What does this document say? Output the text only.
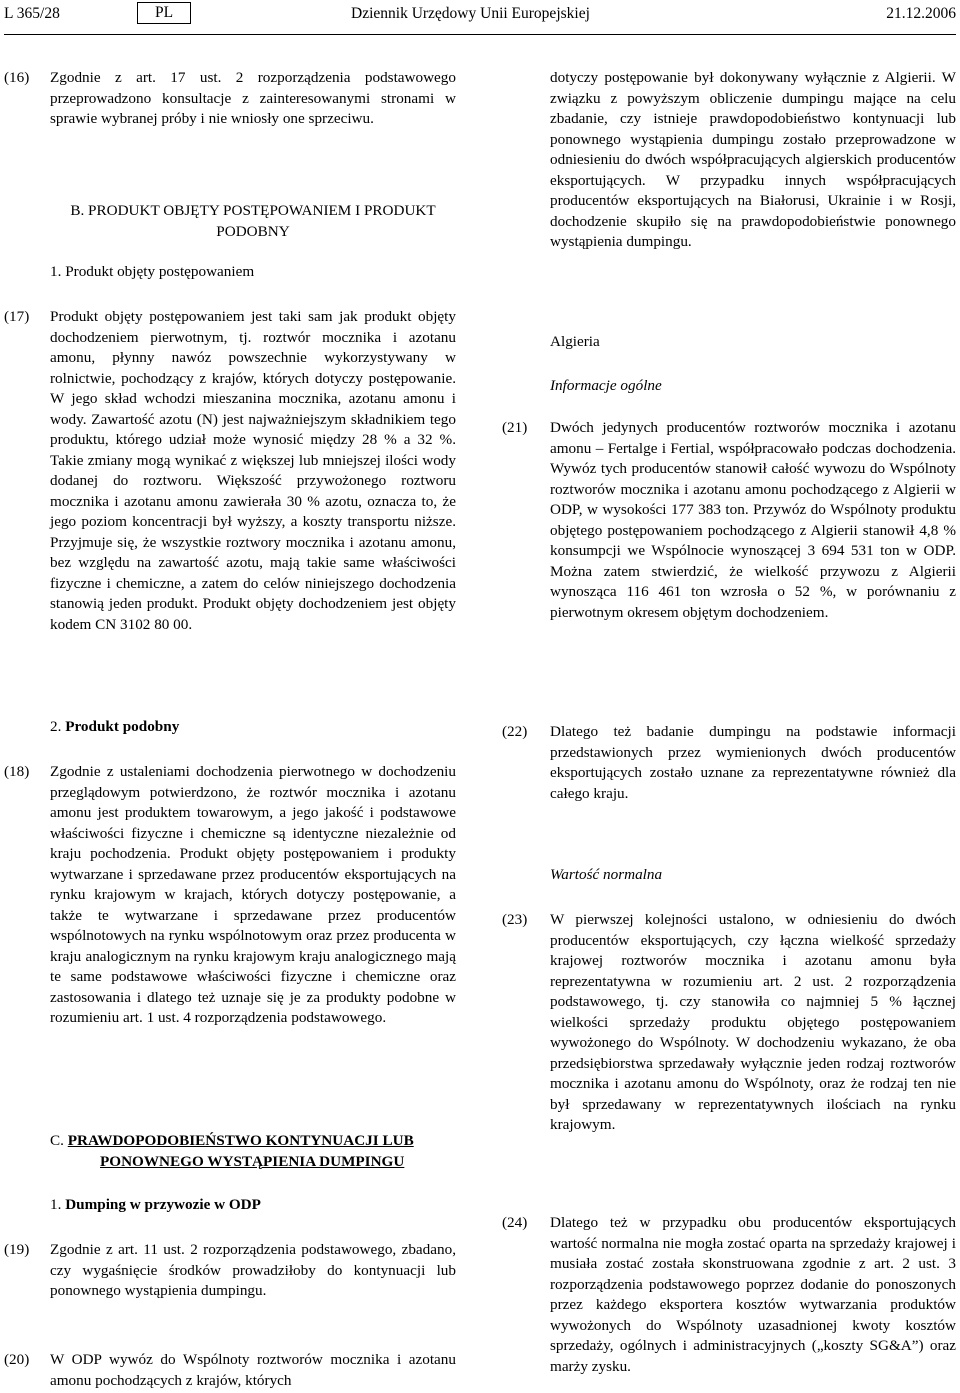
L 365/28	PL	Dziennik Urzędowy Unii Europejskiej	21.12.2006
(16)	Zgodnie z art. 17 ust. 2 rozporządzenia podstawowego przeprowadzono konsultacje z zainteresowanymi stronami w sprawie wybranej próby i nie wniosły one sprzeciwu.
B. PRODUKT OBJĘTY POSTĘPOWANIEM I PRODUKT
PODOBNY
1. Produkt objęty postępowaniem
(17)	Produkt objęty postępowaniem jest taki sam jak produkt objęty dochodzeniem pierwotnym, tj. roztwór mocznika i azotanu amonu, płynny nawóz powszechnie wykorzystywany w rolnictwie, pochodzący z krajów, których dotyczy postępowanie. W jego skład wchodzi mieszanina mocznika, azotanu amonu i wody. Zawartość azotu (N) jest najważniejszym składnikiem tego produktu, którego udział może wynosić między 28 % a 32 %. Takie zmiany mogą wynikać z większej lub mniejszej ilości wody dodanej do roztworu. Większość przywożonego roztworu mocznika i azotanu amonu zawierała 30 % azotu, oznacza to, że jego poziom koncentracji był wyższy, a koszty transportu niższe. Przyjmuje się, że wszystkie roztwory mocznika i azotanu amonu, bez względu na zawartość azotu, mają takie same właściwości fizyczne i chemiczne, a zatem do celów niniejszego dochodzenia stanowią jeden produkt. Produkt objęty dochodzeniem jest objęty kodem CN 3102 80 00.
dotyczy postępowanie był dokonywany wyłącznie z Algierii. W związku z powyższym obliczenie dumpingu mające na celu zbadanie, czy istnieje prawdopodobieństwo kontynuacji lub ponownego wystąpienia dumpingu zostało przeprowadzone w odniesieniu do dwóch współpracujących algierskich producentów eksportujących. W przypadku innych współpracujących producentów eksportujących na Białorusi, Ukrainie i w Rosji, dochodzenie skupiło się na prawdopodobieństwie ponownego wystąpienia dumpingu.
Algieria
Informacje ogólne
(21)	Dwóch jedynych producentów roztworów mocznika i azotanu amonu – Fertalge i Fertial, współpracowało podczas dochodzenia. Wywóz tych producentów stanowił całość wywozu do Wspólnoty roztworów mocznika i azotanu amonu pochodzącego z Algierii w ODP, w wysokości 177 383 ton. Przywóz do Wspólnoty produktu objętego postępowaniem pochodzącego z Algierii stanowił 4,8 % konsumpcji we Wspólnocie wynoszącej 3 694 531 ton w ODP. Można zatem stwierdzić, że wielkość przywozu z Algierii wynosząca 116 461 ton wzrosła o 52 %, w porównaniu z pierwotnym okresem objętym dochodzeniem.
2. Produkt podobny
(18)	Zgodnie z ustaleniami dochodzenia pierwotnego w dochodzeniu przeglądowym potwierdzono, że roztwór mocznika i azotanu amonu jest produktem towarowym, a jego jakość i podstawowe właściwości fizyczne i chemiczne są identyczne niezależnie od kraju pochodzenia. Produkt objęty postępowaniem i produkty wytwarzane i sprzedawane przez producentów eksportujących na rynku krajowym w krajach, których dotyczy postępowanie, a także te wytwarzane i sprzedawane przez producentów wspólnotowych na rynku wspólnotowym oraz przez producenta w kraju analogicznym na rynku krajowym kraju analogicznego mają te same podstawowe właściwości fizyczne i chemiczne oraz zastosowania i dlatego też uznaje się je za produkty podobne w rozumieniu art. 1 ust. 4 rozporządzenia podstawowego.
C. PRAWDOPODOBIEŃSTWO KONTYNUACJI LUB
PONOWNEGO WYSTĄPIENIA DUMPINGU
1. Dumping w przywozie w ODP
(19)	Zgodnie z art. 11 ust. 2 rozporządzenia podstawowego, zbadano, czy wygaśnięcie środków prowadziłoby do kontynuacji lub ponownego wystąpienia dumpingu.
(20)	W ODP wywóz do Wspólnoty roztworów mocznika i azotanu amonu pochodzących z krajów, których
(22)	Dlatego też badanie dumpingu na podstawie informacji przedstawionych przez wymienionych dwóch producentów eksportujących zostało uznane za reprezentatywne również dla całego kraju.
Wartość normalna
(23)	W pierwszej kolejności ustalono, w odniesieniu do dwóch producentów eksportujących, czy łączna wielkość sprzedaży krajowej roztworów mocznika i azotanu amonu była reprezentatywna w rozumieniu art. 2 ust. 2 rozporządzenia podstawowego, tj. czy stanowiła co najmniej 5 % łącznej wielkości sprzedaży produktu objętego postępowaniem wywożonego do Wspólnoty. W dochodzeniu wykazano, że oba przedsiębiorstwa sprzedawały wyłącznie jeden rodzaj roztworów mocznika i azotanu amonu do Wspólnoty, oraz że rodzaj ten nie był sprzedawany w reprezentatywnych ilościach na rynku krajowym.
(24)	Dlatego też w przypadku obu producentów eksportujących wartość normalna nie mogła zostać oparta na sprzedaży krajowej i musiała zostać została skonstruowana zgodnie z art. 2 ust. 3 rozporządzenia podstawowego poprzez dodanie do ponoszonych przez każdego eksportera kosztów wytwarzania produktów wywożonych do Wspólnoty uzasadnionej kwoty kosztów sprzedaży, ogólnych i administracyjnych („koszty SG&A”) oraz marży zysku.
